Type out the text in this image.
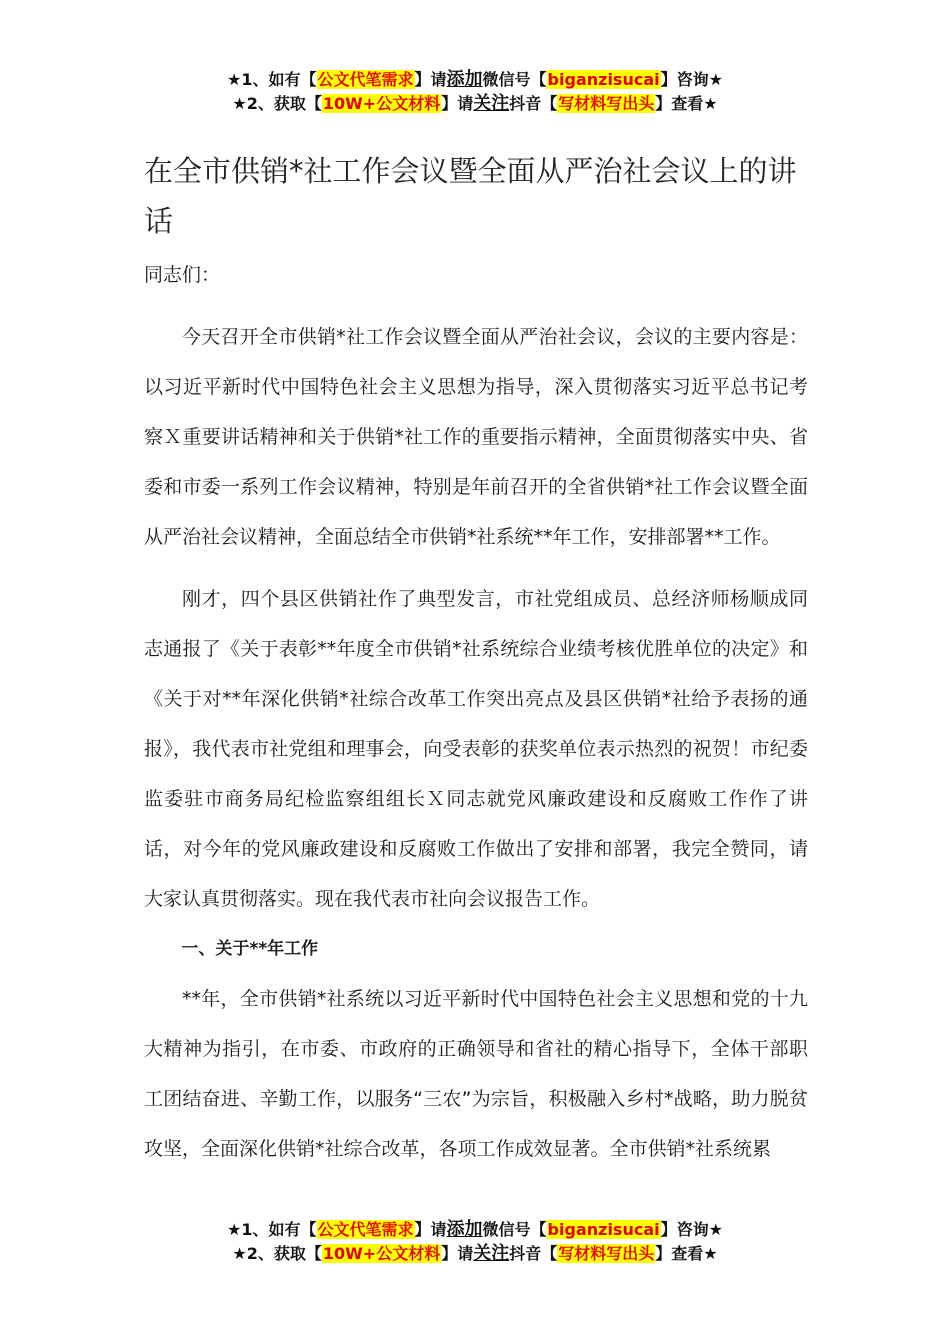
★1、如有【公文代笔需求】请添加微信号【biganzisucai】咨询★
★2、获取【10W+公文材料】请关注抖音【写材料写出头】查看★
在全市供销*社工作会议暨全面从严治社会议上的讲话

同志们：

今天召开全市供销*社工作会议暨全面从严治社会议，会议的主要内容是：以习近平新时代中国特色社会主义思想为指导，深入贯彻落实习近平总书记考察Ｘ重要讲话精神和关于供销*社工作的重要指示精神，全面贯彻落实中央、省委和市委一系列工作会议精神，特别是年前召开的全省供销*社工作会议暨全面从严治社会议精神，全面总结全市供销*社系统**年工作，安排部署**工作。

刚才，四个县区供销社作了典型发言，市社党组成员、总经济师杨顺成同志通报了《关于表彰**年度全市供销*社系统综合业绩考核优胜单位的决定》和《关于对**年深化供销*社综合改革工作突出亮点及县区供销*社给予表扬的通报》，我代表市社党组和理事会，向受表彰的获奖单位表示热烈的祝贺！市纪委监委驻市商务局纪检监察组组长Ｘ同志就党风廉政建设和反腐败工作作了讲话，对今年的党风廉政建设和反腐败工作做出了安排和部署，我完全赞同，请大家认真贯彻落实。现在我代表市社向会议报告工作。

一、关于**年工作

**年，全市供销*社系统以习近平新时代中国特色社会主义思想和党的十九大精神为指引，在市委、市政府的正确领导和省社的精心指导下，全体干部职工团结奋进、辛勤工作，以服务“三农”为宗旨，积极融入乡村*战略，助力脱贫攻坚，全面深化供销*社综合改革，各项工作成效显著。全市供销*社系统累

★1、如有【公文代笔需求】请添加微信号【biganzisucai】咨询★
★2、获取【10W+公文材料】请关注抖音【写材料写出头】查看★
